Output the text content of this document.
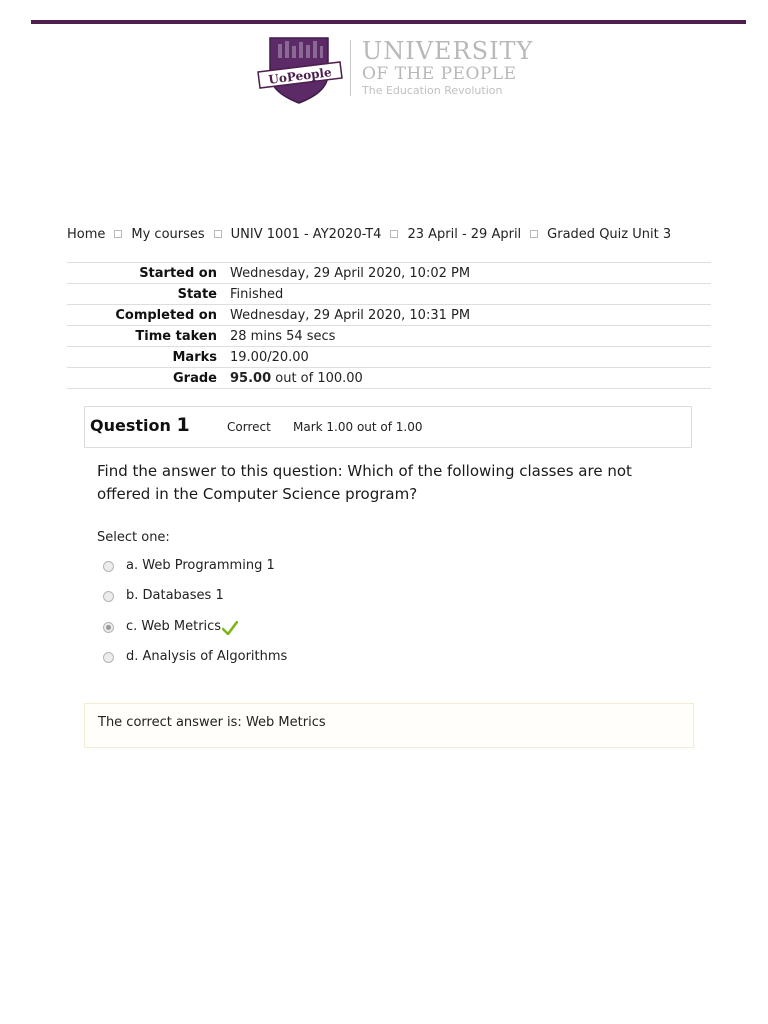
UoPeople
UNIVERSITY
OF THE PEOPLE
The Education Revolution
Home My courses UNIV 1001 - AY2020-T4 23 April - 29 April Graded Quiz Unit 3
Started on	Wednesday, 29 April 2020, 10:02 PM
State	Finished
Completed on	Wednesday, 29 April 2020, 10:31 PM
Time taken	28 mins 54 secs
Marks	19.00/20.00
Grade	95.00 out of 100.00
Question 1	Correct Mark 1.00 out of 1.00
Find the answer to this question: Which of the following classes are not offered in the Computer Science program?
Select one:
a. Web Programming 1
b. Databases 1
c. Web Metrics
d. Analysis of Algorithms
The correct answer is: Web Metrics
